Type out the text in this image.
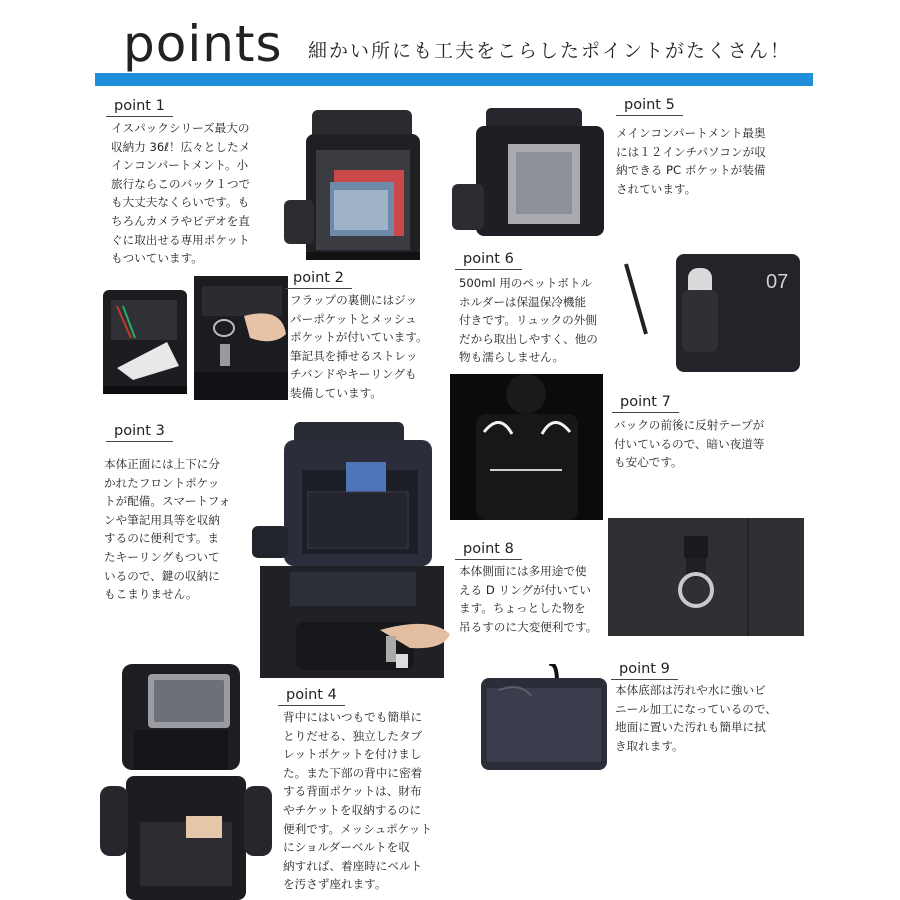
points 細かい所にも工夫をこらしたポイントがたくさん！
point 1
イスパックシリーズ最大の
収納力 36ℓ！広々としたメ
インコンパートメント。小
旅行ならこのバック１つで
も大丈夫なくらいです。も
ちろんカメラやビデオを直
ぐに取出せる専用ポケット
もついています。
point 2
フラップの裏側にはジッ
パーポケットとメッシュ
ポケットが付いています。
筆記具を挿せるストレッ
チバンドやキーリングも
装備しています。
point 3
本体正面には上下に分
かれたフロントポケッ
トが配備。スマートフォ
ンや筆記用具等を収納
するのに便利です。ま
たキーリングもついて
いるので、鍵の収納に
もこまりません。
point 4
背中にはいつもでも簡単に
とりだせる、独立したタブ
レットポケットを付けまし
た。また下部の背中に密着
する背面ポケットは、財布
やチケットを収納するのに
便利です。メッシュポケット
にショルダーベルトを収
納すれば、着座時にベルト
を汚さず座れます。
point 5
メインコンパートメント最奥
には１２インチパソコンが収
納できる PC ポケットが装備
されています。
point 6
500ml 用のペットボトル
ホルダーは保温保冷機能
付きです。リュックの外側
だから取出しやすく、他の
物も濡らしません。
07
point 7
バックの前後に反射テープが
付いているので、暗い夜道等
も安心です。
point 8
本体側面には多用途で使
える D リングが付いてい
ます。ちょっとした物を
吊るすのに大変便利です。
point 9
本体底部は汚れや水に強いビ
ニール加工になっているので、
地面に置いた汚れも簡単に拭
き取れます。
